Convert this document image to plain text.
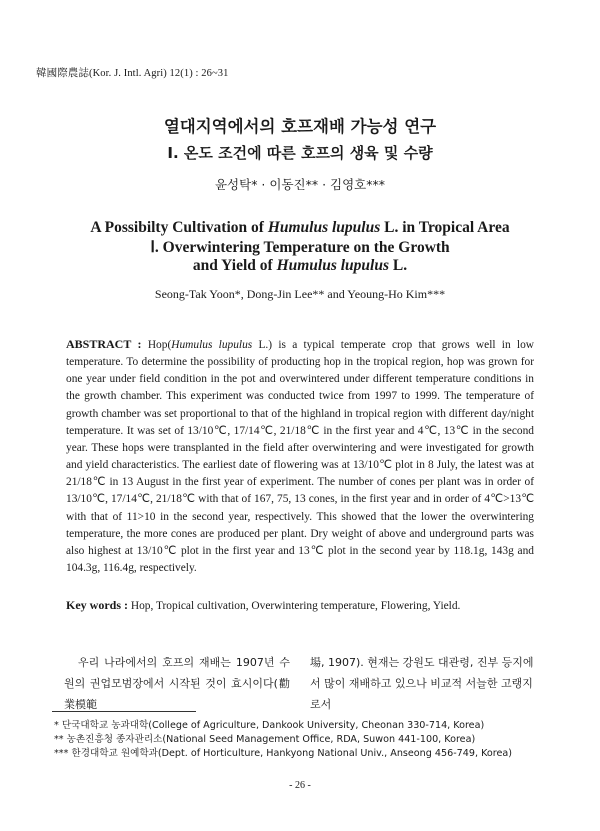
韓國際農誌(Kor. J. Intl. Agri) 12(1) : 26~31
열대지역에서의 호프재배 가능성 연구
Ⅰ. 온도 조건에 따른 호프의 생육 및 수량
윤성탁* · 이동진** · 김영호***
A Possibilty Cultivation of Humulus lupulus L. in Tropical Area
Ⅰ. Overwintering Temperature on the Growth
and Yield of Humulus lupulus L.
Seong-Tak Yoon*, Dong-Jin Lee** and Yeoung-Ho Kim***
ABSTRACT : Hop(Humulus lupulus L.) is a typical temperate crop that grows well in low temperature. To determine the possibility of producting hop in the tropical region, hop was grown for one year under field condition in the pot and overwintered under different temperature conditions in the growth chamber. This experiment was conducted twice from 1997 to 1999. The temperature of growth chamber was set proportional to that of the highland in tropical region with different day/night temperature. It was set of 13/10℃, 17/14℃, 21/18℃ in the first year and 4℃, 13℃ in the second year. These hops were transplanted in the field after overwintering and were investigated for growth and yield characteristics. The earliest date of flowering was at 13/10℃ plot in 8 July, the latest was at 21/18℃ in 13 August in the first year of experiment. The number of cones per plant was in order of 13/10℃, 17/14℃, 21/18℃ with that of 167, 75, 13 cones, in the first year and in order of 4℃>13℃ with that of 11>10 in the second year, respectively. This showed that the lower the overwintering temperature, the more cones are produced per plant. Dry weight of above and underground parts was also highest at 13/10℃ plot in the first year and 13℃ plot in the second year by 118.1g, 143g and 104.3g, 116.4g, respectively.
Key words : Hop, Tropical cultivation, Overwintering temperature, Flowering, Yield.
우리 나라에서의 호프의 재배는 1907년 수원의 권업모범장에서 시작된 것이 효시이다(勸業模範
場, 1907). 현재는 강원도 대관령, 진부 등지에서 많이 재배하고 있으나 비교적 서늘한 고랭지로서
* 단국대학교 농과대학(College of Agriculture, Dankook University, Cheonan 330-714, Korea)
** 농촌진흥청 종자관리소(National Seed Management Office, RDA, Suwon 441-100, Korea)
*** 한경대학교 원예학과(Dept. of Horticulture, Hankyong National Univ., Anseong 456-749, Korea)
- 26 -
